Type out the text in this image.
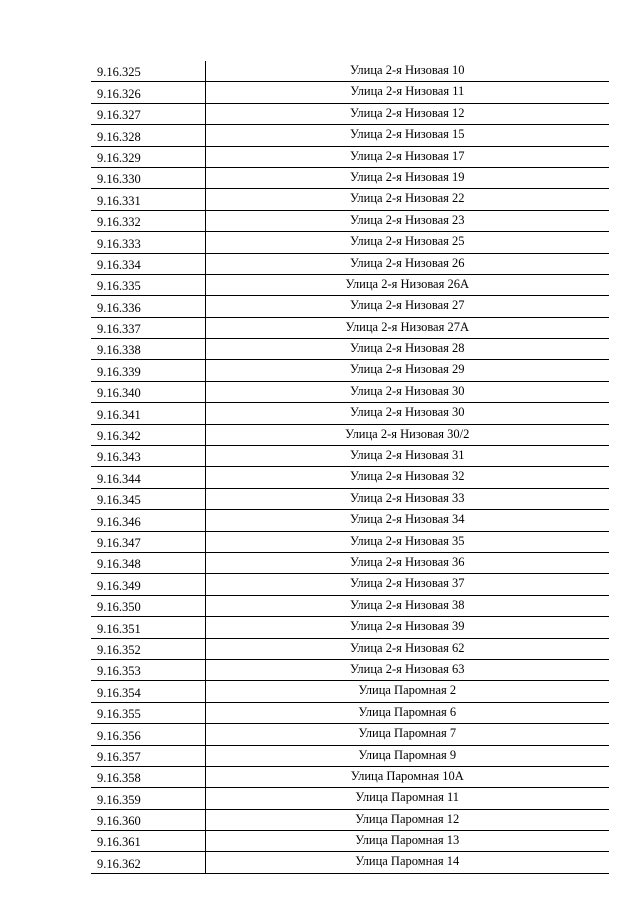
9.16.325	Улица 2-я Низовая 10
9.16.326	Улица 2-я Низовая 11
9.16.327	Улица 2-я Низовая 12
9.16.328	Улица 2-я Низовая 15
9.16.329	Улица 2-я Низовая 17
9.16.330	Улица 2-я Низовая 19
9.16.331	Улица 2-я Низовая 22
9.16.332	Улица 2-я Низовая 23
9.16.333	Улица 2-я Низовая 25
9.16.334	Улица 2-я Низовая 26
9.16.335	Улица 2-я Низовая 26А
9.16.336	Улица 2-я Низовая 27
9.16.337	Улица 2-я Низовая 27А
9.16.338	Улица 2-я Низовая 28
9.16.339	Улица 2-я Низовая 29
9.16.340	Улица 2-я Низовая 30
9.16.341	Улица 2-я Низовая 30
9.16.342	Улица 2-я Низовая 30/2
9.16.343	Улица 2-я Низовая 31
9.16.344	Улица 2-я Низовая 32
9.16.345	Улица 2-я Низовая 33
9.16.346	Улица 2-я Низовая 34
9.16.347	Улица 2-я Низовая 35
9.16.348	Улица 2-я Низовая 36
9.16.349	Улица 2-я Низовая 37
9.16.350	Улица 2-я Низовая 38
9.16.351	Улица 2-я Низовая 39
9.16.352	Улица 2-я Низовая 62
9.16.353	Улица 2-я Низовая 63
9.16.354	Улица Паромная 2
9.16.355	Улица Паромная 6
9.16.356	Улица Паромная 7
9.16.357	Улица Паромная 9
9.16.358	Улица Паромная 10А
9.16.359	Улица Паромная 11
9.16.360	Улица Паромная 12
9.16.361	Улица Паромная 13
9.16.362	Улица Паромная 14
